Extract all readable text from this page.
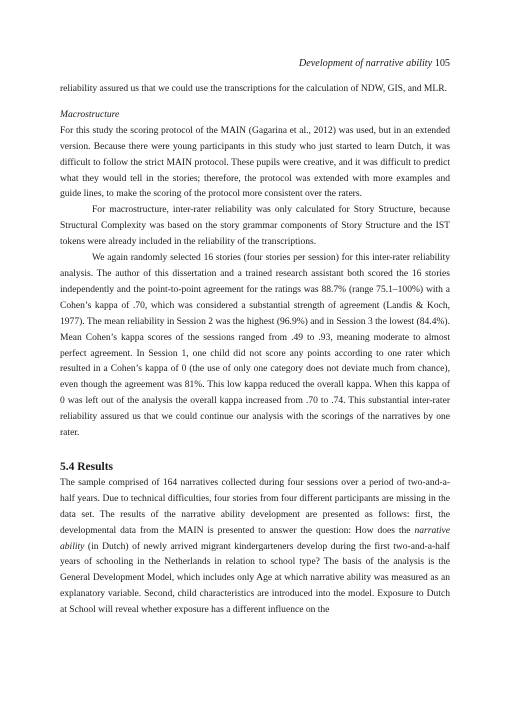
Development of narrative ability 105

reliability assured us that we could use the transcriptions for the calculation of NDW, GIS, and MLR.

Macrostructure

For this study the scoring protocol of the MAIN (Gagarina et al., 2012) was used, but in an extended version. Because there were young participants in this study who just started to learn Dutch, it was difficult to follow the strict MAIN protocol. These pupils were creative, and it was difficult to predict what they would tell in the stories; therefore, the protocol was extended with more examples and guide lines, to make the scoring of the protocol more consistent over the raters.

For macrostructure, inter-rater reliability was only calculated for Story Structure, because Structural Complexity was based on the story grammar components of Story Structure and the IST tokens were already included in the reliability of the transcriptions.

We again randomly selected 16 stories (four stories per session) for this inter-rater reliability analysis. The author of this dissertation and a trained research assistant both scored the 16 stories independently and the point-to-point agreement for the ratings was 88.7% (range 75.1–100%) with a Cohen’s kappa of .70, which was considered a substantial strength of agreement (Landis & Koch, 1977). The mean reliability in Session 2 was the highest (96.9%) and in Session 3 the lowest (84.4%). Mean Cohen’s kappa scores of the sessions ranged from .49 to .93, meaning moderate to almost perfect agreement. In Session 1, one child did not score any points according to one rater which resulted in a Cohen’s kappa of 0 (the use of only one category does not deviate much from chance), even though the agreement was 81%. This low kappa reduced the overall kappa. When this kappa of 0 was left out of the analysis the overall kappa increased from .70 to .74. This substantial inter-rater reliability assured us that we could continue our analysis with the scorings of the narratives by one rater.

5.4 Results

The sample comprised of 164 narratives collected during four sessions over a period of two-and-a-half years. Due to technical difficulties, four stories from four different participants are missing in the data set. The results of the narrative ability development are presented as follows: first, the developmental data from the MAIN is presented to answer the question: How does the narrative ability (in Dutch) of newly arrived migrant kindergarteners develop during the first two-and-a-half years of schooling in the Netherlands in relation to school type? The basis of the analysis is the General Development Model, which includes only Age at which narrative ability was measured as an explanatory variable. Second, child characteristics are introduced into the model. Exposure to Dutch at School will reveal whether exposure has a different influence on the
